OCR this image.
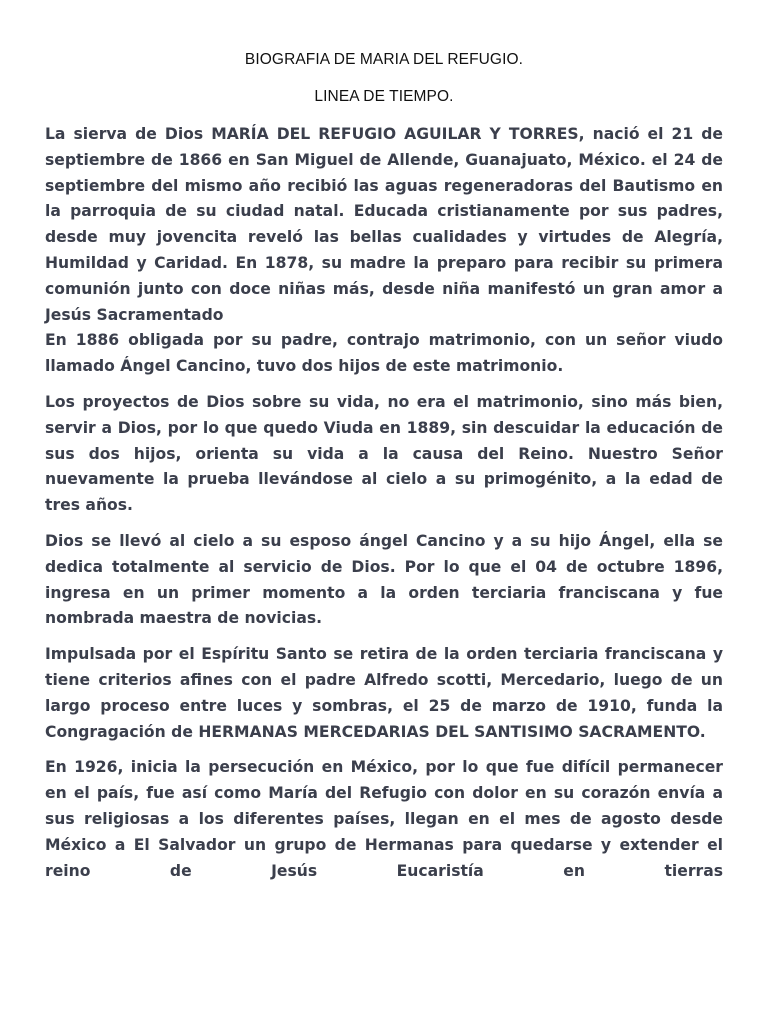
BIOGRAFIA DE MARIA DEL REFUGIO.
LINEA DE TIEMPO.

La sierva de Dios MARÍA DEL REFUGIO AGUILAR Y TORRES, nació el 21 de septiembre de 1866 en San Miguel de Allende, Guanajuato, México. el 24 de septiembre del mismo año recibió las aguas regeneradoras del Bautismo en la parroquia de su ciudad natal. Educada cristianamente por sus padres, desde muy jovencita reveló las bellas cualidades y virtudes de Alegría, Humildad y Caridad. En 1878, su madre la preparo para recibir su primera comunión junto con doce niñas más, desde niña manifestó un gran amor a Jesús Sacramentado
En 1886 obligada por su padre, contrajo matrimonio, con un señor viudo llamado Ángel Cancino, tuvo dos hijos de este matrimonio.

Los proyectos de Dios sobre su vida, no era el matrimonio, sino más bien, servir a Dios, por lo que quedo Viuda en 1889, sin descuidar la educación de sus dos hijos, orienta su vida a la causa del Reino. Nuestro Señor nuevamente la prueba llevándose al cielo a su primogénito, a la edad de tres años.

Dios se llevó al cielo a su esposo ángel Cancino y a su hijo Ángel, ella se dedica totalmente al servicio de Dios. Por lo que el 04 de octubre 1896, ingresa en un primer momento a la orden terciaria franciscana y fue nombrada maestra de novicias.

Impulsada por el Espíritu Santo se retira de la orden terciaria franciscana y tiene criterios afines con el padre Alfredo scotti, Mercedario, luego de un largo proceso entre luces y sombras, el 25 de marzo de 1910, funda la Congragación de HERMANAS MERCEDARIAS DEL SANTISIMO SACRAMENTO.

En 1926, inicia la persecución en México, por lo que fue difícil permanecer en el país, fue así como María del Refugio con dolor en su corazón envía a sus religiosas a los diferentes países, llegan en el mes de agosto desde México a El Salvador un grupo de Hermanas para quedarse y extender el reino de Jesús Eucaristía en tierras
